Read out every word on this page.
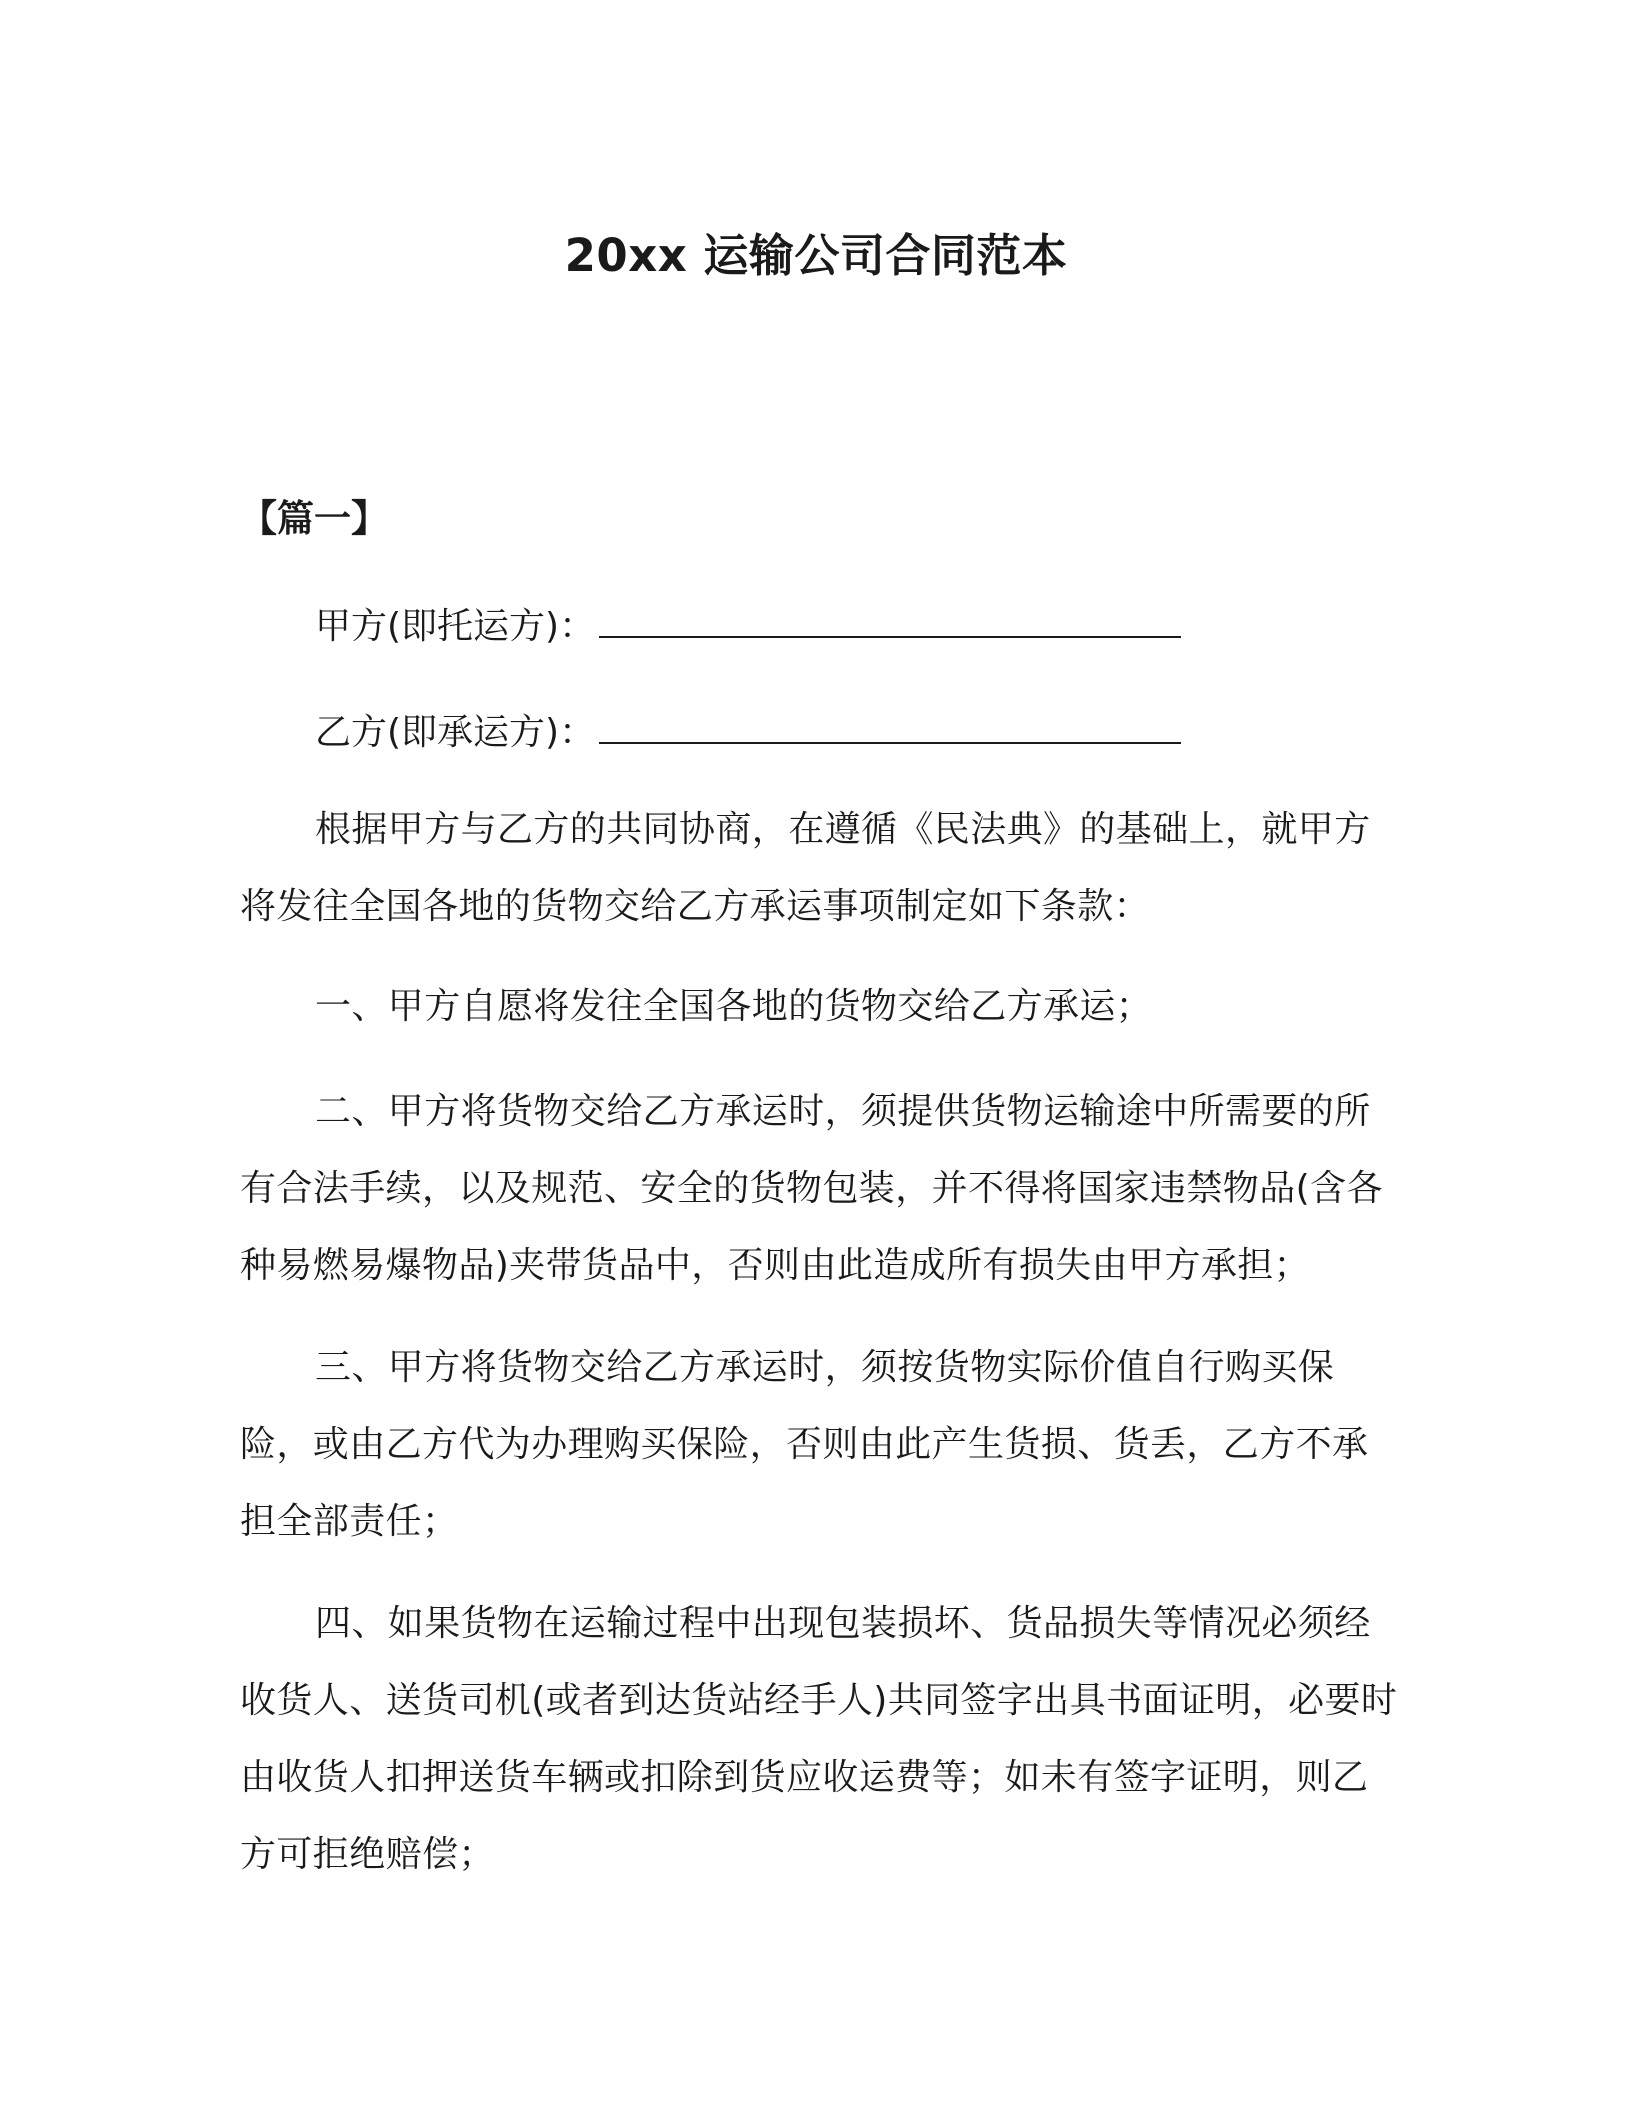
20xx 运输公司合同范本
【篇一】
甲方(即托运方)：
乙方(即承运方)：

根据甲方与乙方的共同协商，在遵循《民法典》的基础上，就甲方将发往全国各地的货物交给乙方承运事项制定如下条款：

一、甲方自愿将发往全国各地的货物交给乙方承运；

二、甲方将货物交给乙方承运时，须提供货物运输途中所需要的所有合法手续，以及规范、安全的货物包装，并不得将国家违禁物品(含各种易燃易爆物品)夹带货品中，否则由此造成所有损失由甲方承担；

三、甲方将货物交给乙方承运时，须按货物实际价值自行购买保险，或由乙方代为办理购买保险，否则由此产生货损、货丢，乙方不承担全部责任；

四、如果货物在运输过程中出现包装损坏、货品损失等情况必须经收货人、送货司机(或者到达货站经手人)共同签字出具书面证明，必要时由收货人扣押送货车辆或扣除到货应收运费等；如未有签字证明，则乙方可拒绝赔偿；
